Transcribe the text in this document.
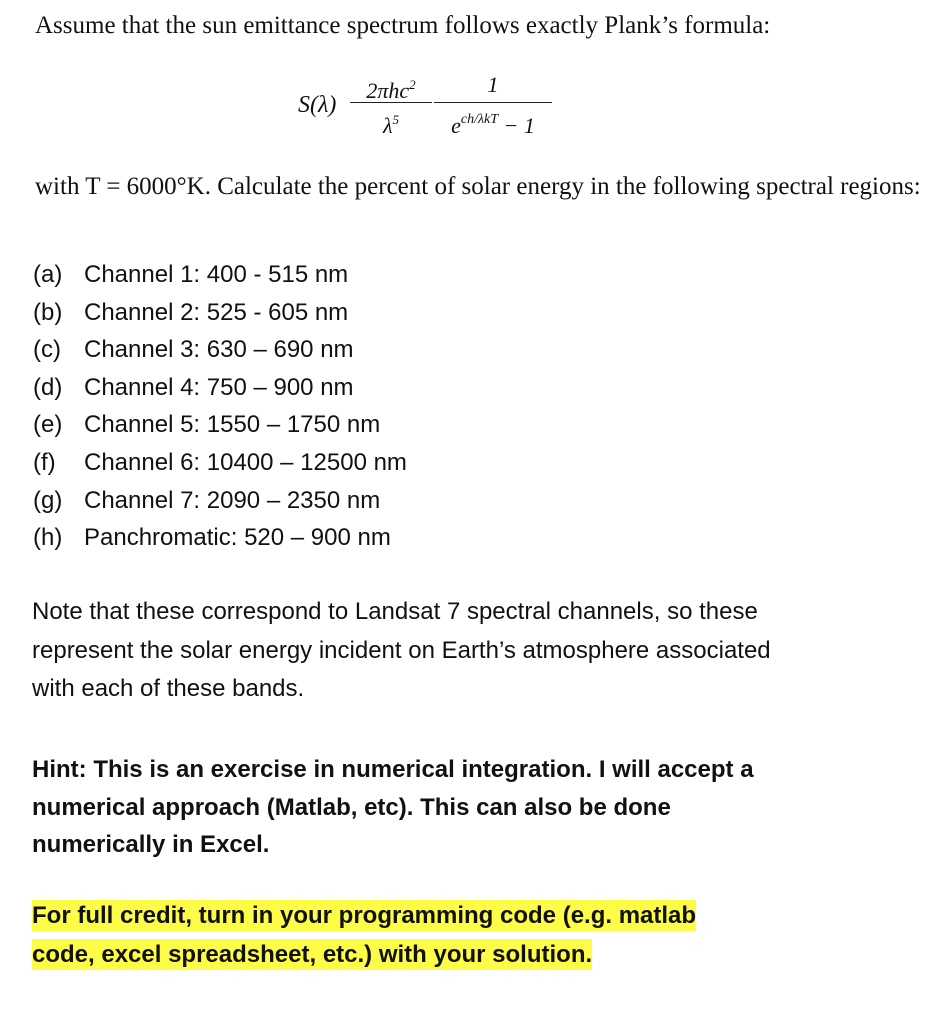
Assume that the sun emittance spectrum follows exactly Plank’s formula:
S(λ)
2πhc$^2$
$\lambda^5$
1
$e^{ch/\lambda kT} - 1$
with T = 6000°K. Calculate the percent of solar energy in the following spectral regions:
(a) Channel 1: 400 - 515 nm
(b) Channel 2: 525 - 605 nm
(c) Channel 3: 630 – 690 nm
(d) Channel 4: 750 – 900 nm
(e) Channel 5: 1550 – 1750 nm
(f) Channel 6: 10400 – 12500 nm
(g) Channel 7: 2090 – 2350 nm
(h) Panchromatic: 520 – 900 nm
Note that these correspond to Landsat 7 spectral channels, so these represent the solar energy incident on Earth’s atmosphere associated with each of these bands.
Hint: This is an exercise in numerical integration. I will accept a numerical approach (Matlab, etc). This can also be done numerically in Excel.
For full credit, turn in your programming code (e.g. matlab code, excel spreadsheet, etc.) with your solution.
